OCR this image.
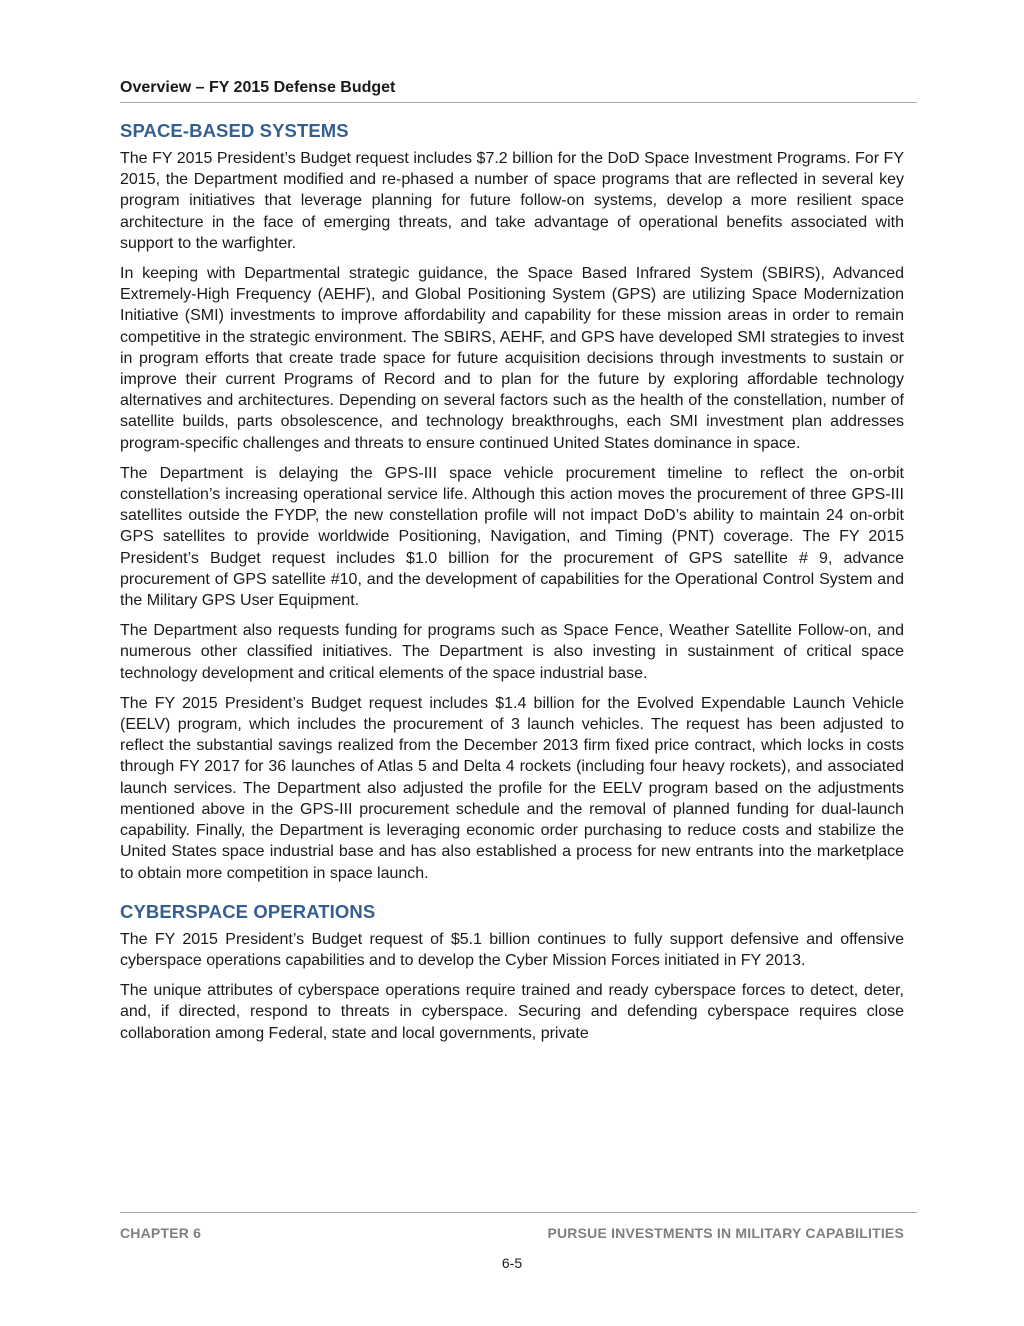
Overview – FY 2015 Defense Budget
SPACE-BASED SYSTEMS

The FY 2015 President’s Budget request includes $7.2 billion for the DoD Space Investment Programs. For FY 2015, the Department modified and re-phased a number of space programs that are reflected in several key program initiatives that leverage planning for future follow-on systems, develop a more resilient space architecture in the face of emerging threats, and take advantage of operational benefits associated with support to the warfighter.

In keeping with Departmental strategic guidance, the Space Based Infrared System (SBIRS), Advanced Extremely-High Frequency (AEHF), and Global Positioning System (GPS) are utilizing Space Modernization Initiative (SMI) investments to improve affordability and capability for these mission areas in order to remain competitive in the strategic environment. The SBIRS, AEHF, and GPS have developed SMI strategies to invest in program efforts that create trade space for future acquisition decisions through investments to sustain or improve their current Programs of Record and to plan for the future by exploring affordable technology alternatives and architectures. Depending on several factors such as the health of the constellation, number of satellite builds, parts obsolescence, and technology breakthroughs, each SMI investment plan addresses program-specific challenges and threats to ensure continued United States dominance in space.

The Department is delaying the GPS-III space vehicle procurement timeline to reflect the on-orbit constellation’s increasing operational service life. Although this action moves the procurement of three GPS-III satellites outside the FYDP, the new constellation profile will not impact DoD’s ability to maintain 24 on-orbit GPS satellites to provide worldwide Positioning, Navigation, and Timing (PNT) coverage. The FY 2015 President’s Budget request includes $1.0 billion for the procurement of GPS satellite # 9, advance procurement of GPS satellite #10, and the development of capabilities for the Operational Control System and the Military GPS User Equipment.

The Department also requests funding for programs such as Space Fence, Weather Satellite Follow-on, and numerous other classified initiatives. The Department is also investing in sustainment of critical space technology development and critical elements of the space industrial base.

The FY 2015 President’s Budget request includes $1.4 billion for the Evolved Expendable Launch Vehicle (EELV) program, which includes the procurement of 3 launch vehicles. The request has been adjusted to reflect the substantial savings realized from the December 2013 firm fixed price contract, which locks in costs through FY 2017 for 36 launches of Atlas 5 and Delta 4 rockets (including four heavy rockets), and associated launch services. The Department also adjusted the profile for the EELV program based on the adjustments mentioned above in the GPS-III procurement schedule and the removal of planned funding for dual-launch capability. Finally, the Department is leveraging economic order purchasing to reduce costs and stabilize the United States space industrial base and has also established a process for new entrants into the marketplace to obtain more competition in space launch.

CYBERSPACE OPERATIONS

The FY 2015 President’s Budget request of $5.1 billion continues to fully support defensive and offensive cyberspace operations capabilities and to develop the Cyber Mission Forces initiated in FY 2013.

The unique attributes of cyberspace operations require trained and ready cyberspace forces to detect, deter, and, if directed, respond to threats in cyberspace. Securing and defending cyberspace requires close collaboration among Federal, state and local governments, private

CHAPTER 6	PURSUE INVESTMENTS IN MILITARY CAPABILITIES
6-5
